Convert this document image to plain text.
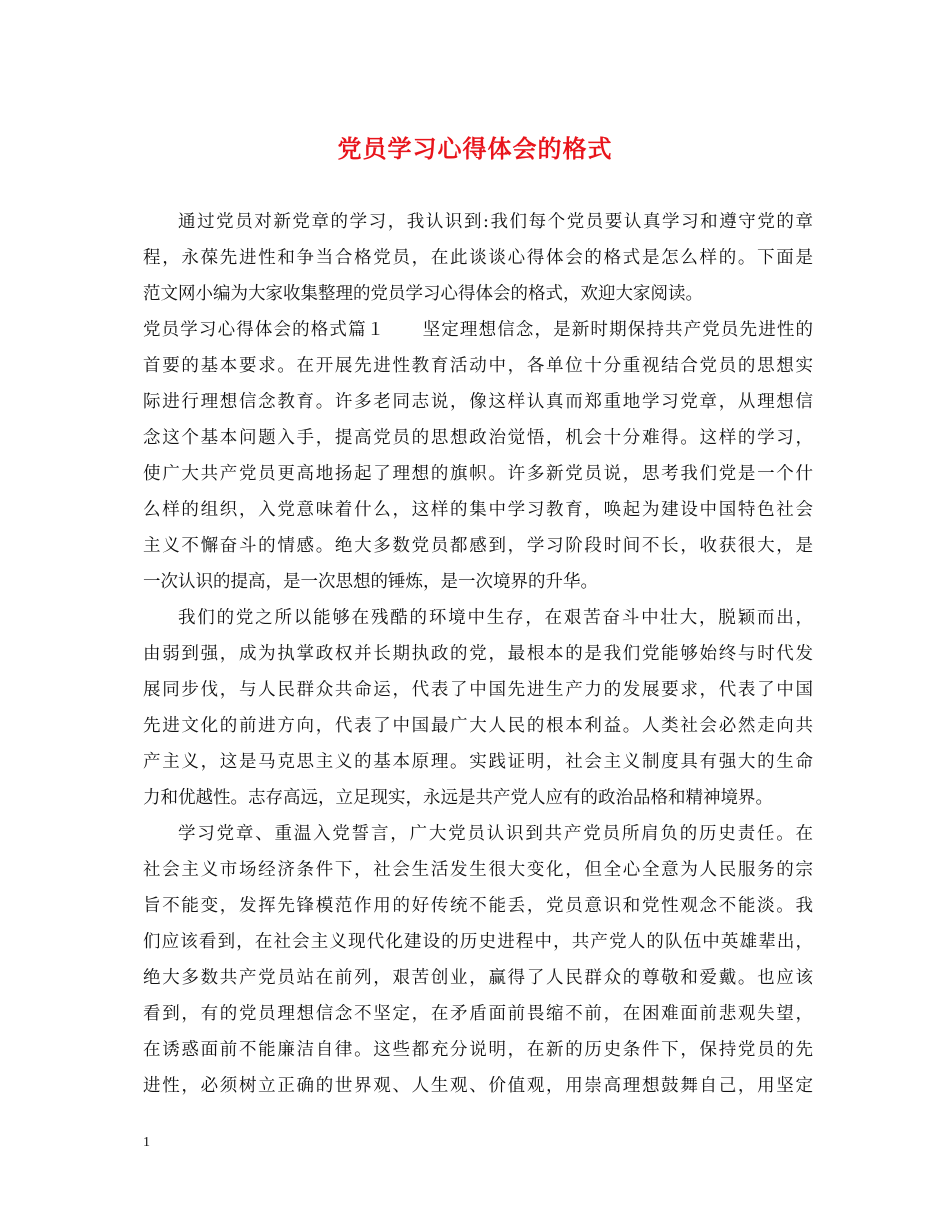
党员学习心得体会的格式
通过党员对新党章的学习，我认识到:我们每个党员要认真学习和遵守党的章
程，永葆先进性和争当合格党员，在此谈谈心得体会的格式是怎么样的。下面是
范文网小编为大家收集整理的党员学习心得体会的格式，欢迎大家阅读。
党员学习心得体会的格式篇１　　坚定理想信念，是新时期保持共产党员先进性的
首要的基本要求。在开展先进性教育活动中，各单位十分重视结合党员的思想实
际进行理想信念教育。许多老同志说，像这样认真而郑重地学习党章，从理想信
念这个基本问题入手，提高党员的思想政治觉悟，机会十分难得。这样的学习，
使广大共产党员更高地扬起了理想的旗帜。许多新党员说，思考我们党是一个什
么样的组织，入党意味着什么，这样的集中学习教育，唤起为建设中国特色社会
主义不懈奋斗的情感。绝大多数党员都感到，学习阶段时间不长，收获很大，是
一次认识的提高，是一次思想的锤炼，是一次境界的升华。
我们的党之所以能够在残酷的环境中生存，在艰苦奋斗中壮大，脱颖而出，
由弱到强，成为执掌政权并长期执政的党，最根本的是我们党能够始终与时代发
展同步伐，与人民群众共命运，代表了中国先进生产力的发展要求，代表了中国
先进文化的前进方向，代表了中国最广大人民的根本利益。人类社会必然走向共
产主义，这是马克思主义的基本原理。实践证明，社会主义制度具有强大的生命
力和优越性。志存高远，立足现实，永远是共产党人应有的政治品格和精神境界。
学习党章、重温入党誓言，广大党员认识到共产党员所肩负的历史责任。在
社会主义市场经济条件下，社会生活发生很大变化，但全心全意为人民服务的宗
旨不能变，发挥先锋模范作用的好传统不能丢，党员意识和党性观念不能淡。我
们应该看到，在社会主义现代化建设的历史进程中，共产党人的队伍中英雄辈出，
绝大多数共产党员站在前列，艰苦创业，赢得了人民群众的尊敬和爱戴。也应该
看到，有的党员理想信念不坚定，在矛盾面前畏缩不前，在困难面前悲观失望，
在诱惑面前不能廉洁自律。这些都充分说明，在新的历史条件下，保持党员的先
进性，必须树立正确的世界观、人生观、价值观，用崇高理想鼓舞自己，用坚定
1
